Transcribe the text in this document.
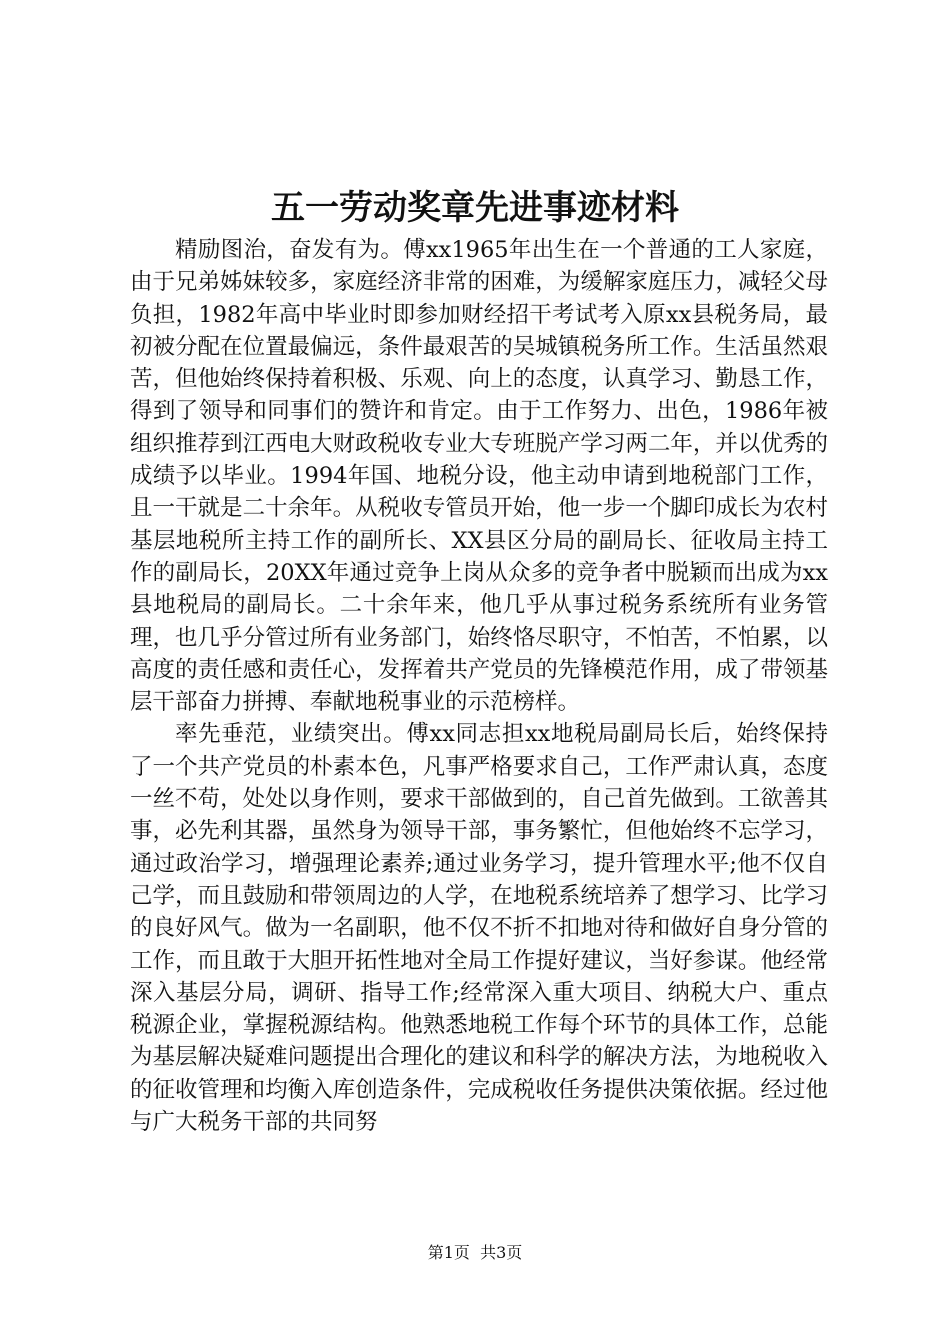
五一劳动奖章先进事迹材料

精励图治，奋发有为。傅xx1965年出生在一个普通的工人家庭，由于兄弟姊妹较多，家庭经济非常的困难，为缓解家庭压力，减轻父母负担，1982年高中毕业时即参加财经招干考试考入原xx县税务局，最初被分配在位置最偏远，条件最艰苦的吴城镇税务所工作。生活虽然艰苦，但他始终保持着积极、乐观、向上的态度，认真学习、勤恳工作，得到了领导和同事们的赞许和肯定。由于工作努力、出色，1986年被组织推荐到江西电大财政税收专业大专班脱产学习两二年，并以优秀的成绩予以毕业。1994年国、地税分设，他主动申请到地税部门工作，且一干就是二十余年。从税收专管员开始，他一步一个脚印成长为农村基层地税所主持工作的副所长、XX县区分局的副局长、征收局主持工作的副局长，20XX年通过竞争上岗从众多的竞争者中脱颖而出成为xx县地税局的副局长。二十余年来，他几乎从事过税务系统所有业务管理，也几乎分管过所有业务部门，始终恪尽职守，不怕苦，不怕累，以高度的责任感和责任心，发挥着共产党员的先锋模范作用，成了带领基层干部奋力拼搏、奉献地税事业的示范榜样。

率先垂范，业绩突出。傅xx同志担xx地税局副局长后，始终保持了一个共产党员的朴素本色，凡事严格要求自己，工作严肃认真，态度一丝不苟，处处以身作则，要求干部做到的，自己首先做到。工欲善其事，必先利其器，虽然身为领导干部，事务繁忙，但他始终不忘学习，通过政治学习，增强理论素养;通过业务学习，提升管理水平;他不仅自己学，而且鼓励和带领周边的人学，在地税系统培养了想学习、比学习的良好风气。做为一名副职，他不仅不折不扣地对待和做好自身分管的工作，而且敢于大胆开拓性地对全局工作提好建议，当好参谋。他经常深入基层分局，调研、指导工作;经常深入重大项目、纳税大户、重点税源企业，掌握税源结构。他熟悉地税工作每个环节的具体工作，总能为基层解决疑难问题提出合理化的建议和科学的解决方法，为地税收入的征收管理和均衡入库创造条件，完成税收任务提供决策依据。经过他与广大税务干部的共同努

第1页  共3页
